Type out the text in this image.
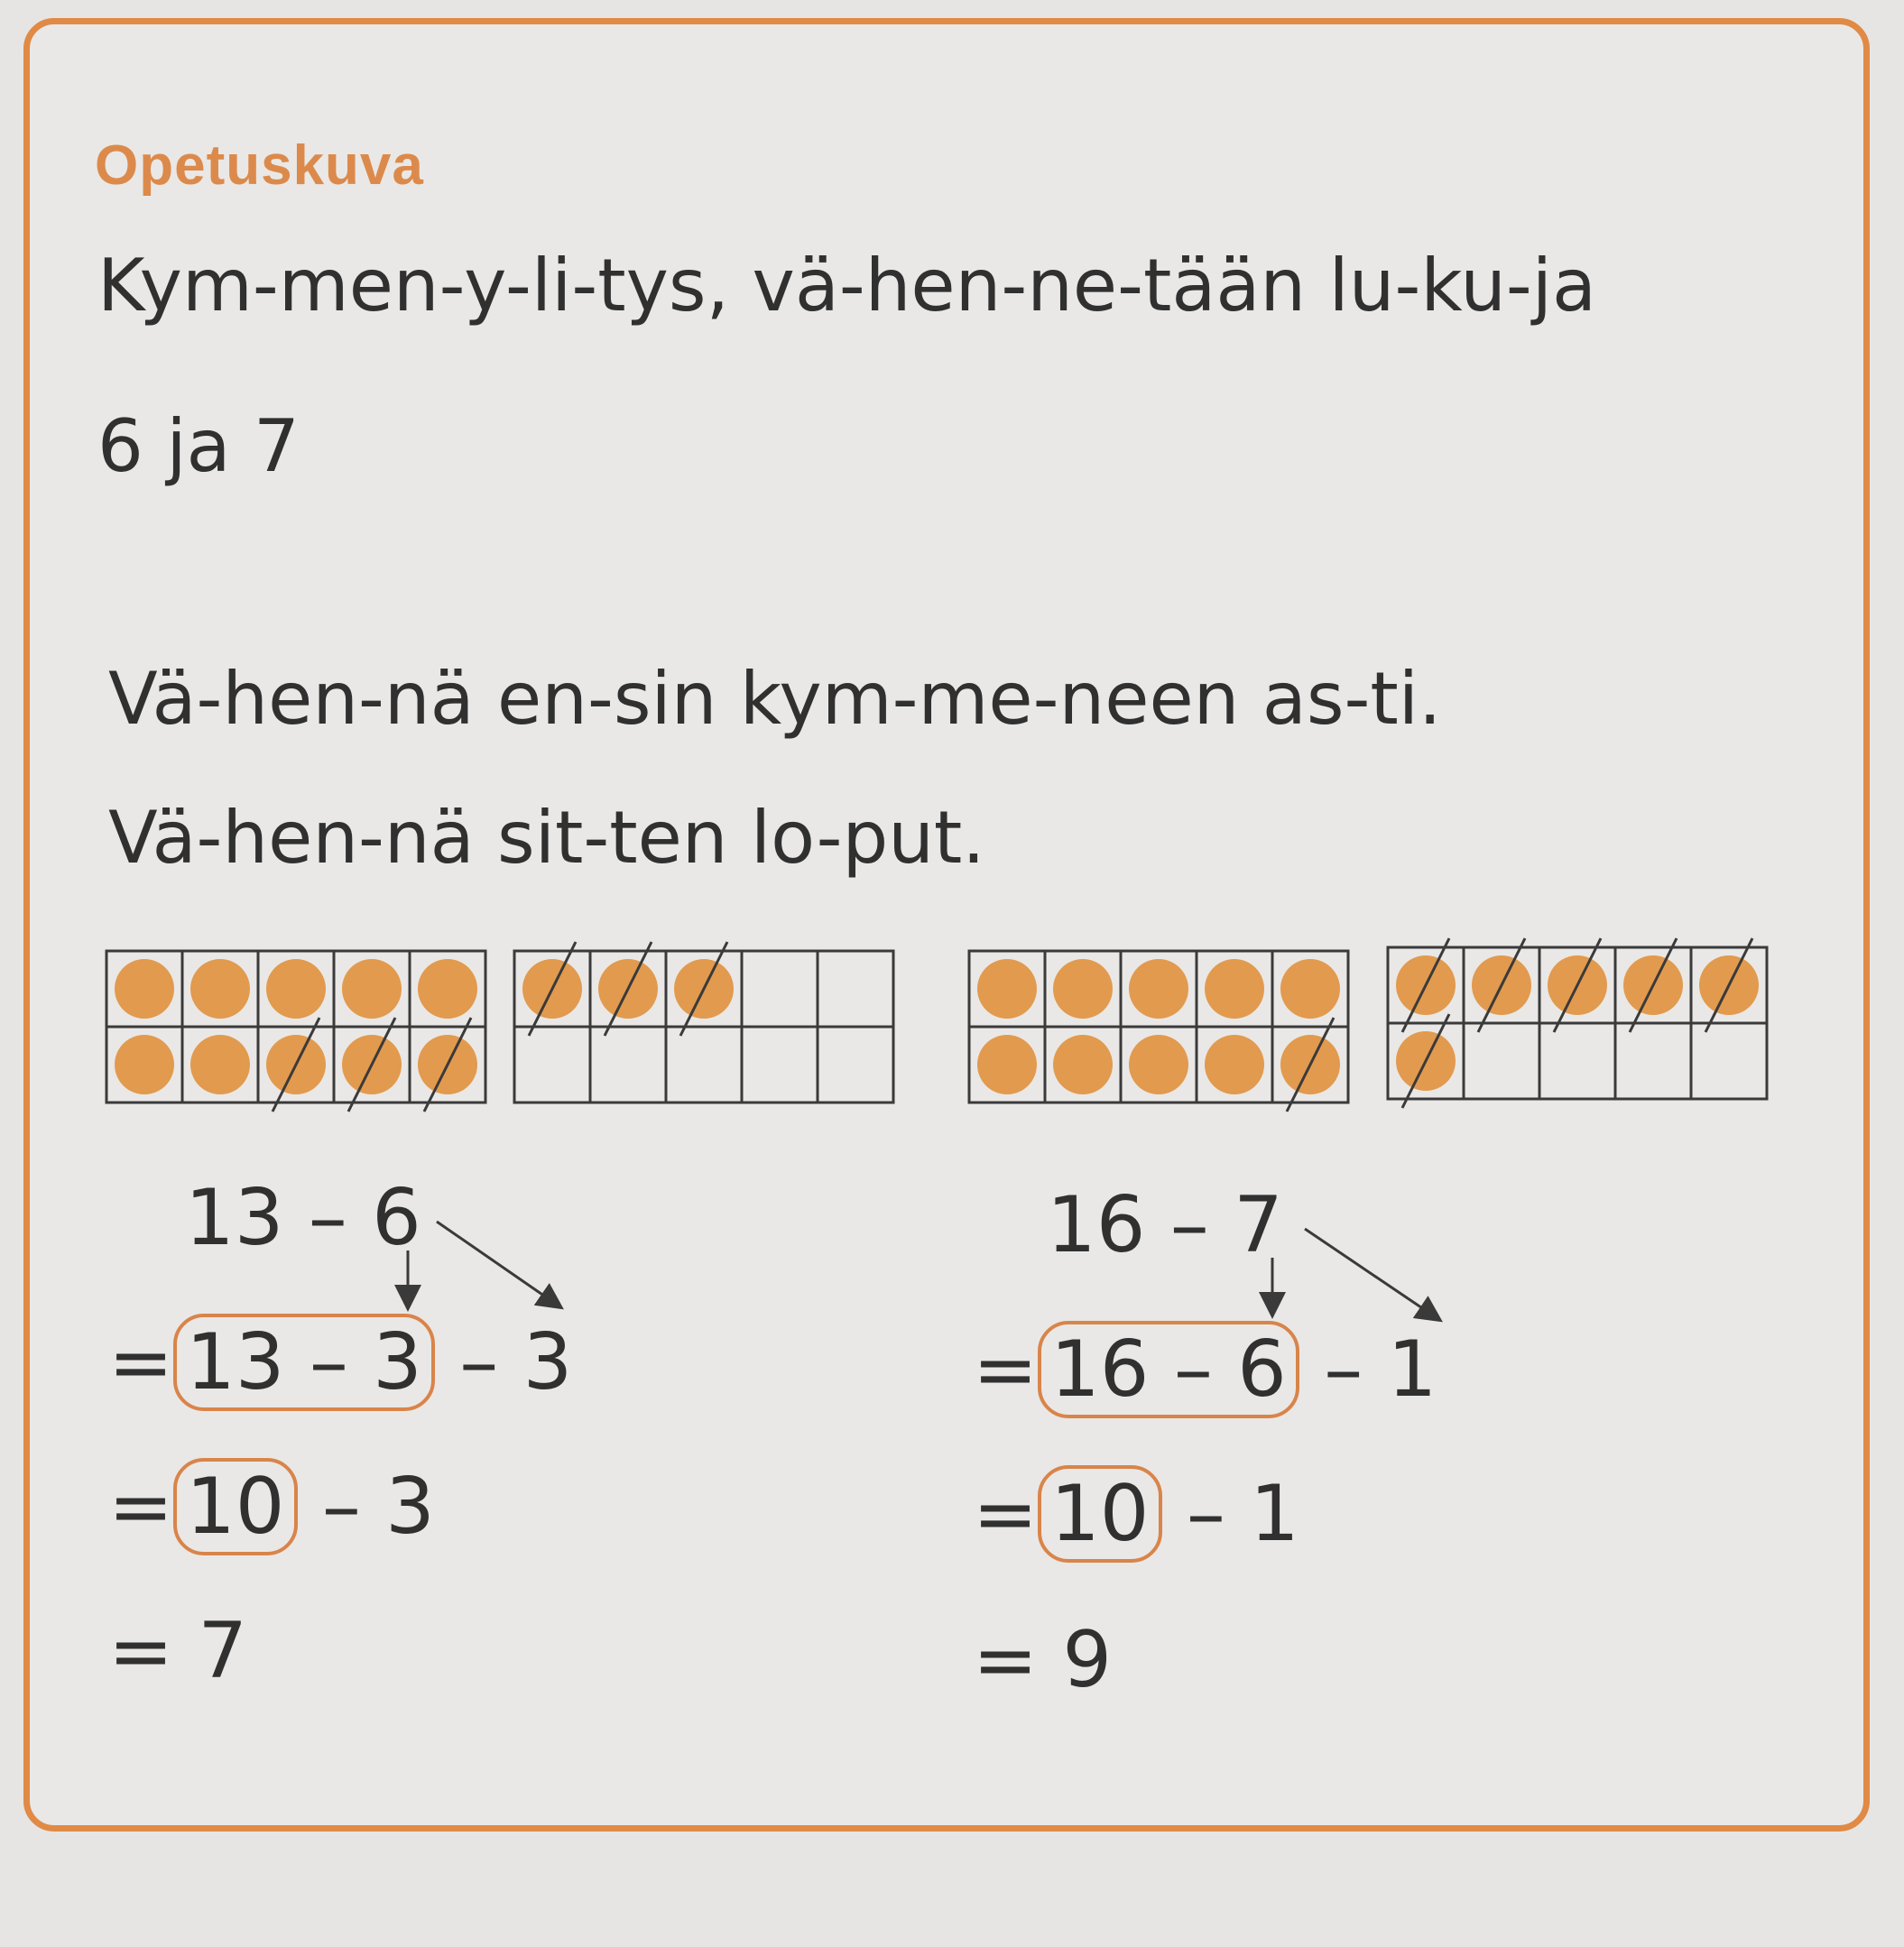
Opetuskuva
Kym-men-y-li-tys, vä-hen-ne-tään lu-ku-ja
6 ja 7
Vä-hen-nä en-sin kym-me-neen as-ti.
Vä-hen-nä sit-ten lo-put.
13 – 6
= 13 – 3 – 3
= 10 – 3
= 7
16 – 7
= 16 – 6 – 1
= 10 – 1
= 9
